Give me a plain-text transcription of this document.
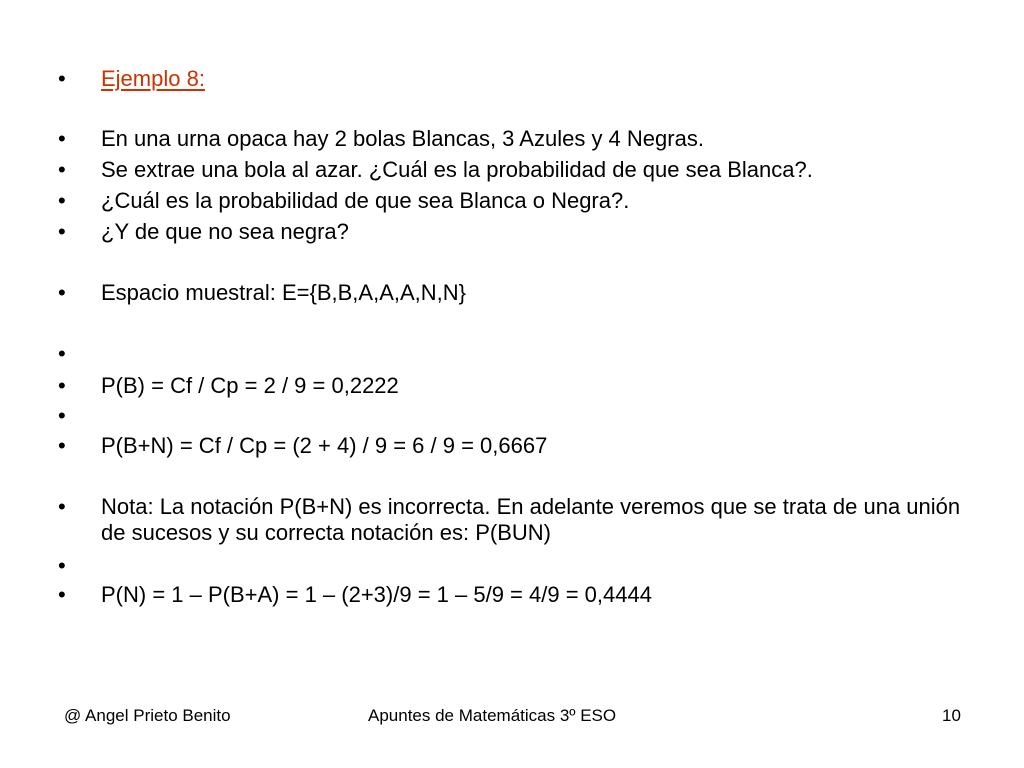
•	Ejemplo 8:
•	En una urna opaca hay 2 bolas Blancas, 3 Azules y 4 Negras.
•	Se extrae una bola al azar. ¿Cuál es la probabilidad de que sea Blanca?.
•	¿Cuál es la probabilidad de que sea Blanca o Negra?.
•	¿Y de que no sea negra?
•	Espacio muestral: E={B,B,A,A,A,N,N}
•
•	P(B) = Cf / Cp = 2 / 9 = 0,2222
•
•	P(B+N) = Cf / Cp = (2 + 4) / 9 = 6 / 9 = 0,6667
•	Nota: La notación P(B+N) es incorrecta. En adelante veremos que se trata de una unión de sucesos y su correcta notación es: P(BUN)
•
•	P(N) = 1 – P(B+A) = 1 – (2+3)/9 = 1 – 5/9 = 4/9 = 0,4444
@ Angel Prieto Benito	Apuntes de Matemáticas 3º ESO	10
